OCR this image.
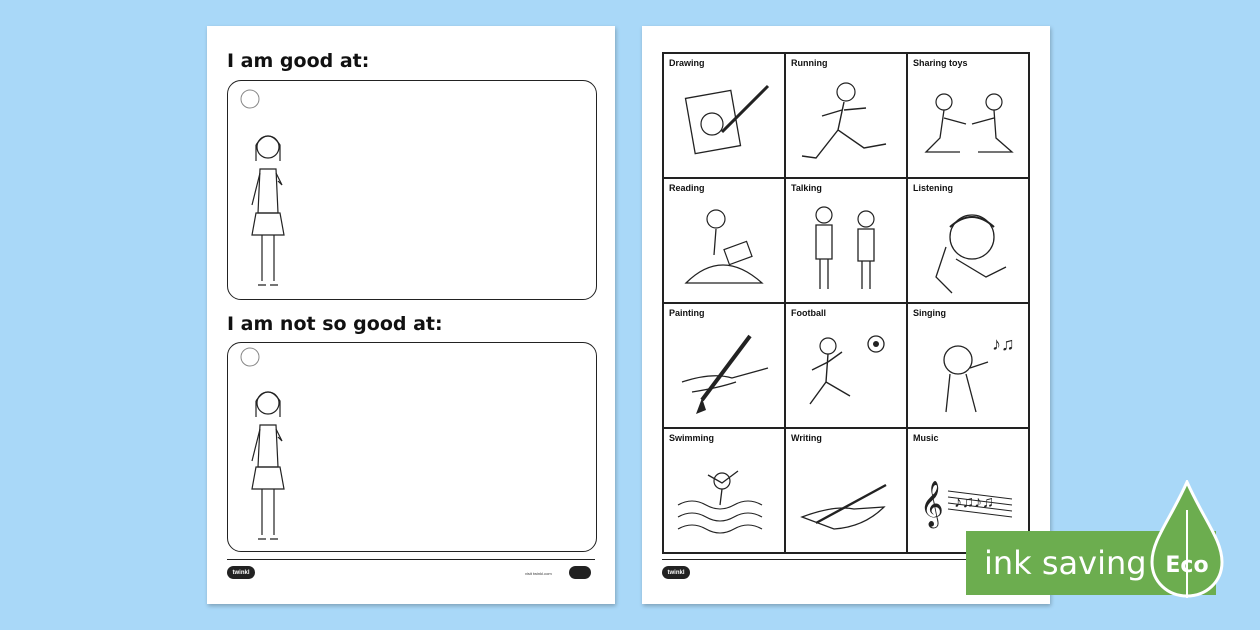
I am good at:
I am not so good at:
twinkl	visit twinkl.com
Drawing	Running	Sharing toys
Reading	Talking	Listening
Painting	Football	Singing
♪♫
Swimming	Writing	Music
𝄞 ♪♫♪♫
twinkl	ink saving Eco
